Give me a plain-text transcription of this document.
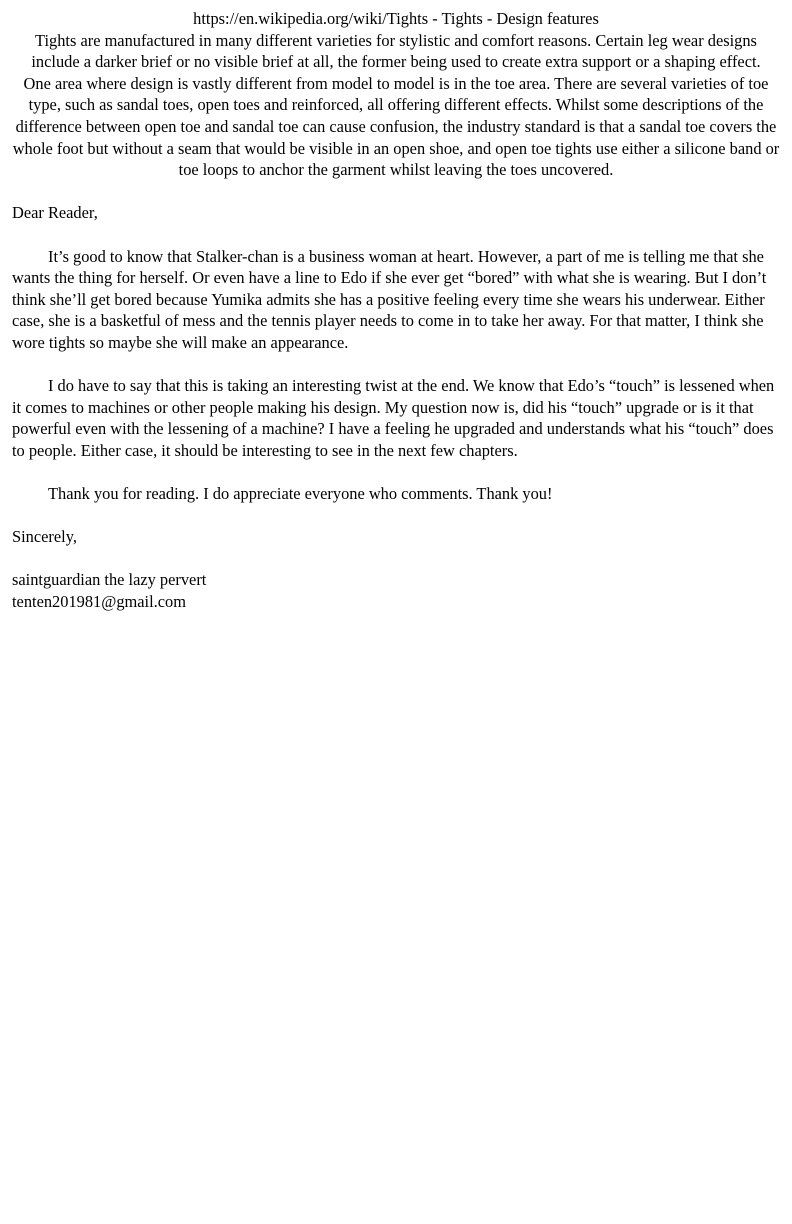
https://en.wikipedia.org/wiki/Tights - Tights - Design features

Tights are manufactured in many different varieties for stylistic and comfort reasons. Certain leg wear designs include a darker brief or no visible brief at all, the former being used to create extra support or a shaping effect.

One area where design is vastly different from model to model is in the toe area. There are several varieties of toe type, such as sandal toes, open toes and reinforced, all offering different effects. Whilst some descriptions of the difference between open toe and sandal toe can cause confusion, the industry standard is that a sandal toe covers the whole foot but without a seam that would be visible in an open shoe, and open toe tights use either a silicone band or toe loops to anchor the garment whilst leaving the toes uncovered.

Dear Reader,

It’s good to know that Stalker-chan is a business woman at heart. However, a part of me is telling me that she wants the thing for herself. Or even have a line to Edo if she ever get “bored” with what she is wearing. But I don’t think she’ll get bored because Yumika admits she has a positive feeling every time she wears his underwear. Either case, she is a basketful of mess and the tennis player needs to come in to take her away. For that matter, I think she wore tights so maybe she will make an appearance.

I do have to say that this is taking an interesting twist at the end. We know that Edo’s “touch” is lessened when it comes to machines or other people making his design. My question now is, did his “touch” upgrade or is it that powerful even with the lessening of a machine? I have a feeling he upgraded and understands what his “touch” does to people. Either case, it should be interesting to see in the next few chapters.

Thank you for reading. I do appreciate everyone who comments. Thank you!

Sincerely,

saintguardian the lazy pervert

tenten201981@gmail.com
